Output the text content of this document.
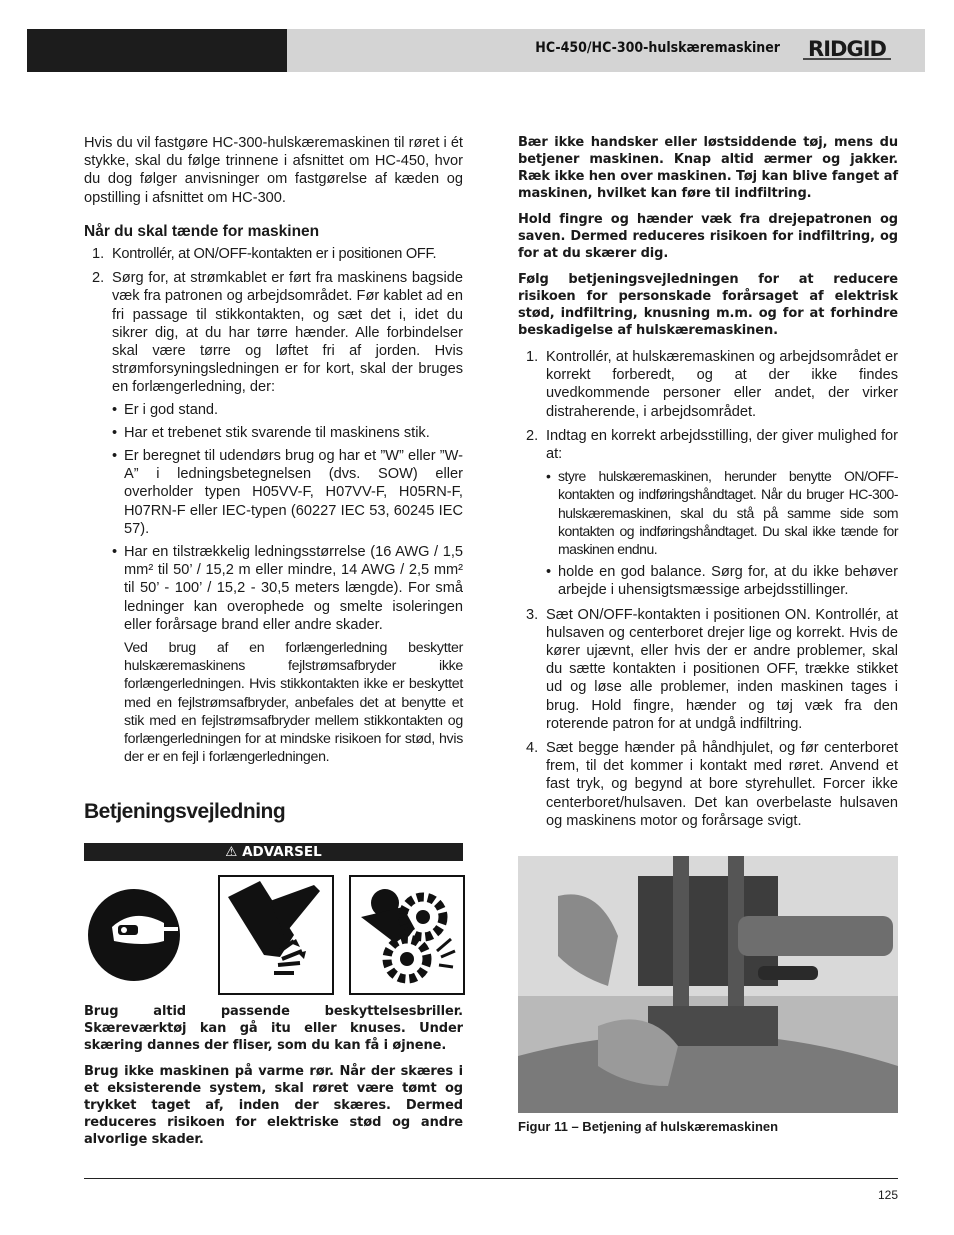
HC-450/HC-300-hulskæremaskiner RIDGID

Hvis du vil fastgøre HC-300-hulskæremaskinen til røret i ét stykke, skal du følge trinnene i afsnittet om HC-450, hvor du dog følger anvisninger om fastgørelse af kæden og opstilling i afsnittet om HC-300.

Når du skal tænde for maskinen
1. Kontrollér, at ON/OFF-kontakten er i positionen OFF.
2. Sørg for, at strømkablet er ført fra maskinens bagside væk fra patronen og arbejdsområdet. Før kablet ad en fri passage til stikkontakten, og sæt det i, idet du sikrer dig, at du har tørre hænder. Alle forbindelser skal være tørre og løftet fri af jorden. Hvis strømforsyningsledningen er for kort, skal der bruges en forlængerledning, der:
• Er i god stand.
• Har et trebenet stik svarende til maskinens stik.
• Er beregnet til udendørs brug og har et ”W” eller ”W-A” i ledningsbetegnelsen (dvs. SOW) eller overholder typen H05VV-F, H07VV-F, H05RN-F, H07RN-F eller IEC-typen (60227 IEC 53, 60245 IEC 57).
• Har en tilstrækkelig ledningsstørrelse (16 AWG / 1,5 mm² til 50’ / 15,2 m eller mindre, 14 AWG / 2,5 mm² til 50’ - 100’ / 15,2 - 30,5 meters længde). For små ledninger kan overophede og smelte isoleringen eller forårsage brand eller andre skader.
Ved brug af en forlængerledning beskytter hulskæremaskinens fejlstrømsafbryder ikke forlængerledningen. Hvis stikkontakten ikke er beskyttet med en fejlstrømsafbryder, anbefales det at benytte et stik med en fejlstrømsafbryder mellem stikkontakten og forlængerledningen for at mindske risikoen for stød, hvis der er en fejl i forlængerledningen.
Betjeningsvejledning
⚠ ADVARSEL

Brug altid passende beskyttelsesbriller. Skæreværktøj kan gå itu eller knuses. Under skæring dannes der fliser, som du kan få i øjnene.

Brug ikke maskinen på varme rør. Når der skæres i et eksisterende system, skal røret være tømt og trykket taget af, inden der skæres. Dermed reduceres risikoen for elektriske stød og andre alvorlige skader.

Bær ikke handsker eller løstsiddende tøj, mens du betjener maskinen. Knap altid ærmer og jakker. Ræk ikke hen over maskinen. Tøj kan blive fanget af maskinen, hvilket kan føre til indfiltring.

Hold fingre og hænder væk fra drejepatronen og saven. Dermed reduceres risikoen for indfiltring, og for at du skærer dig.

Følg betjeningsvejledningen for at reducere risikoen for personskade forårsaget af elektrisk stød, indfiltring, knusning m.m. og for at forhindre beskadigelse af hulskæremaskinen.

1. Kontrollér, at hulskæremaskinen og arbejdsområdet er korrekt forberedt, og at der ikke findes uvedkommende personer eller andet, der virker distraherende, i arbejdsområdet.
2. Indtag en korrekt arbejdsstilling, der giver mulighed for at:
• styre hulskæremaskinen, herunder benytte ON/OFF-kontakten og indføringshåndtaget. Når du bruger HC-300-hulskæremaskinen, skal du stå på samme side som kontakten og indføringshåndtaget. Du skal ikke tænde for maskinen endnu.
• holde en god balance. Sørg for, at du ikke behøver arbejde i uhensigtsmæssige arbejdsstillinger.
3. Sæt ON/OFF-kontakten i positionen ON. Kontrollér, at hulsaven og centerboret drejer lige og korrekt. Hvis de kører ujævnt, eller hvis der er andre problemer, skal du sætte kontakten i positionen OFF, trække stikket ud og løse alle problemer, inden maskinen tages i brug. Hold fingre, hænder og tøj væk fra den roterende patron for at undgå indfiltring.
4. Sæt begge hænder på håndhjulet, og før centerboret frem, til det kommer i kontakt med røret. Anvend et fast tryk, og begynd at bore styrehullet. Forcer ikke centerboret/hulsaven. Det kan overbelaste hulsaven og maskinens motor og forårsage svigt.
Figur 11 – Betjening af hulskæremaskinen
125
